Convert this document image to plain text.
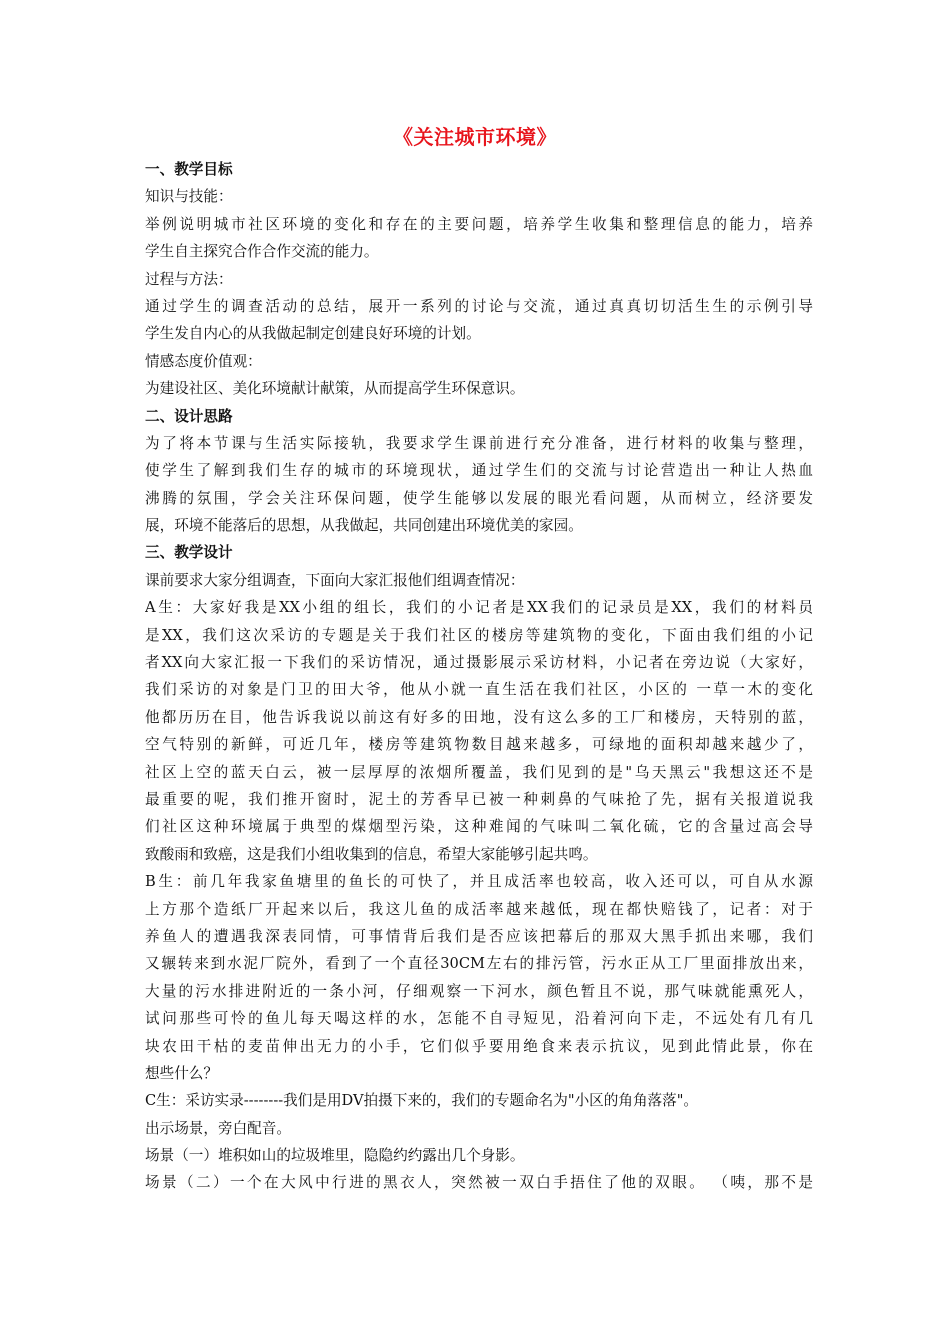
《关注城市环境》
一、教学目标
知识与技能：
举例说明城市社区环境的变化和存在的主要问题，培养学生收集和整理信息的能力，培养
学生自主探究合作合作交流的能力。
过程与方法：
通过学生的调查活动的总结，展开一系列的讨论与交流，通过真真切切活生生的示例引导
学生发自内心的从我做起制定创建良好环境的计划。
情感态度价值观：
为建设社区、美化环境献计献策，从而提高学生环保意识。
二、设计思路
为了将本节课与生活实际接轨，我要求学生课前进行充分准备，进行材料的收集与整理，
使学生了解到我们生存的城市的环境现状，通过学生们的交流与讨论营造出一种让人热血
沸腾的氛围，学会关注环保问题，使学生能够以发展的眼光看问题，从而树立，经济要发
展，环境不能落后的思想，从我做起，共同创建出环境优美的家园。
三、教学设计
课前要求大家分组调查，下面向大家汇报他们组调查情况：
A生：大家好我是XX小组的组长，我们的小记者是XX我们的记录员是XX，我们的材料员
是XX，我们这次采访的专题是关于我们社区的楼房等建筑物的变化，下面由我们组的小记
者XX向大家汇报一下我们的采访情况，通过摄影展示采访材料，小记者在旁边说（大家好，
我们采访的对象是门卫的田大爷，他从小就一直生活在我们社区，小区的 一草一木的变化
他都历历在目，他告诉我说以前这有好多的田地，没有这么多的工厂和楼房，天特别的蓝，
空气特别的新鲜，可近几年，楼房等建筑物数目越来越多，可绿地的面积却越来越少了，
社区上空的蓝天白云，被一层厚厚的浓烟所覆盖，我们见到的是"乌天黑云"我想这还不是
最重要的呢，我们推开窗时，泥土的芳香早已被一种刺鼻的气味抢了先，据有关报道说我
们社区这种环境属于典型的煤烟型污染，这种难闻的气味叫二氧化硫，它的含量过高会导
致酸雨和致癌，这是我们小组收集到的信息，希望大家能够引起共鸣。
B生：前几年我家鱼塘里的鱼长的可快了，并且成活率也较高，收入还可以，可自从水源
上方那个造纸厂开起来以后，我这儿鱼的成活率越来越低，现在都快赔钱了，记者：对于
养鱼人的遭遇我深表同情，可事情背后我们是否应该把幕后的那双大黑手抓出来哪，我们
又辗转来到水泥厂院外，看到了一个直径30CM左右的排污管，污水正从工厂里面排放出来，
大量的污水排进附近的一条小河，仔细观察一下河水，颜色暂且不说，那气味就能熏死人，
试问那些可怜的鱼儿每天喝这样的水，怎能不自寻短见，沿着河向下走，不远处有几有几
块农田干枯的麦苗伸出无力的小手，它们似乎要用绝食来表示抗议，见到此情此景，你在
想些什么？
C生：采访实录--------我们是用DV拍摄下来的，我们的专题命名为"小区的角角落落"。
出示场景，旁白配音。
场景（一）堆积如山的垃圾堆里，隐隐约约露出几个身影。
场景（二）一个在大风中行进的黑衣人，突然被一双白手捂住了他的双眼。 （咦，那不是
